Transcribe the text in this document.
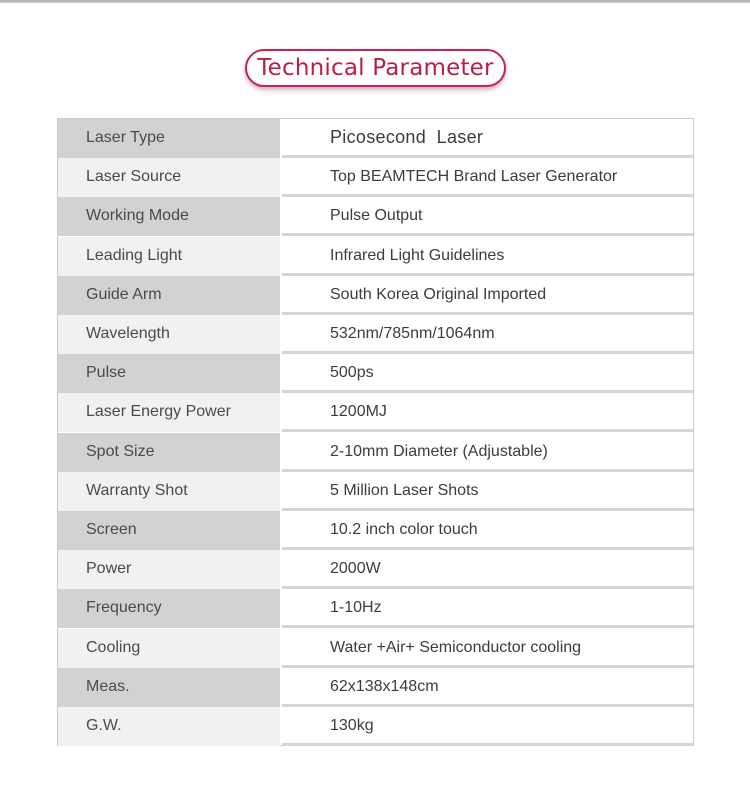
Technical Parameter
Laser Type	Picosecond  Laser
Laser Source	Top BEAMTECH Brand Laser Generator
Working Mode	Pulse Output
Leading Light	Infrared Light Guidelines
Guide Arm	South Korea Original Imported
Wavelength	532nm/785nm/1064nm
Pulse	500ps
Laser Energy Power	1200MJ
Spot Size	2-10mm Diameter (Adjustable)
Warranty Shot	5 Million Laser Shots
Screen	10.2 inch color touch
Power	2000W
Frequency	1-10Hz
Cooling	Water +Air+ Semiconductor cooling
Meas.	62x138x148cm
G.W.	130kg
